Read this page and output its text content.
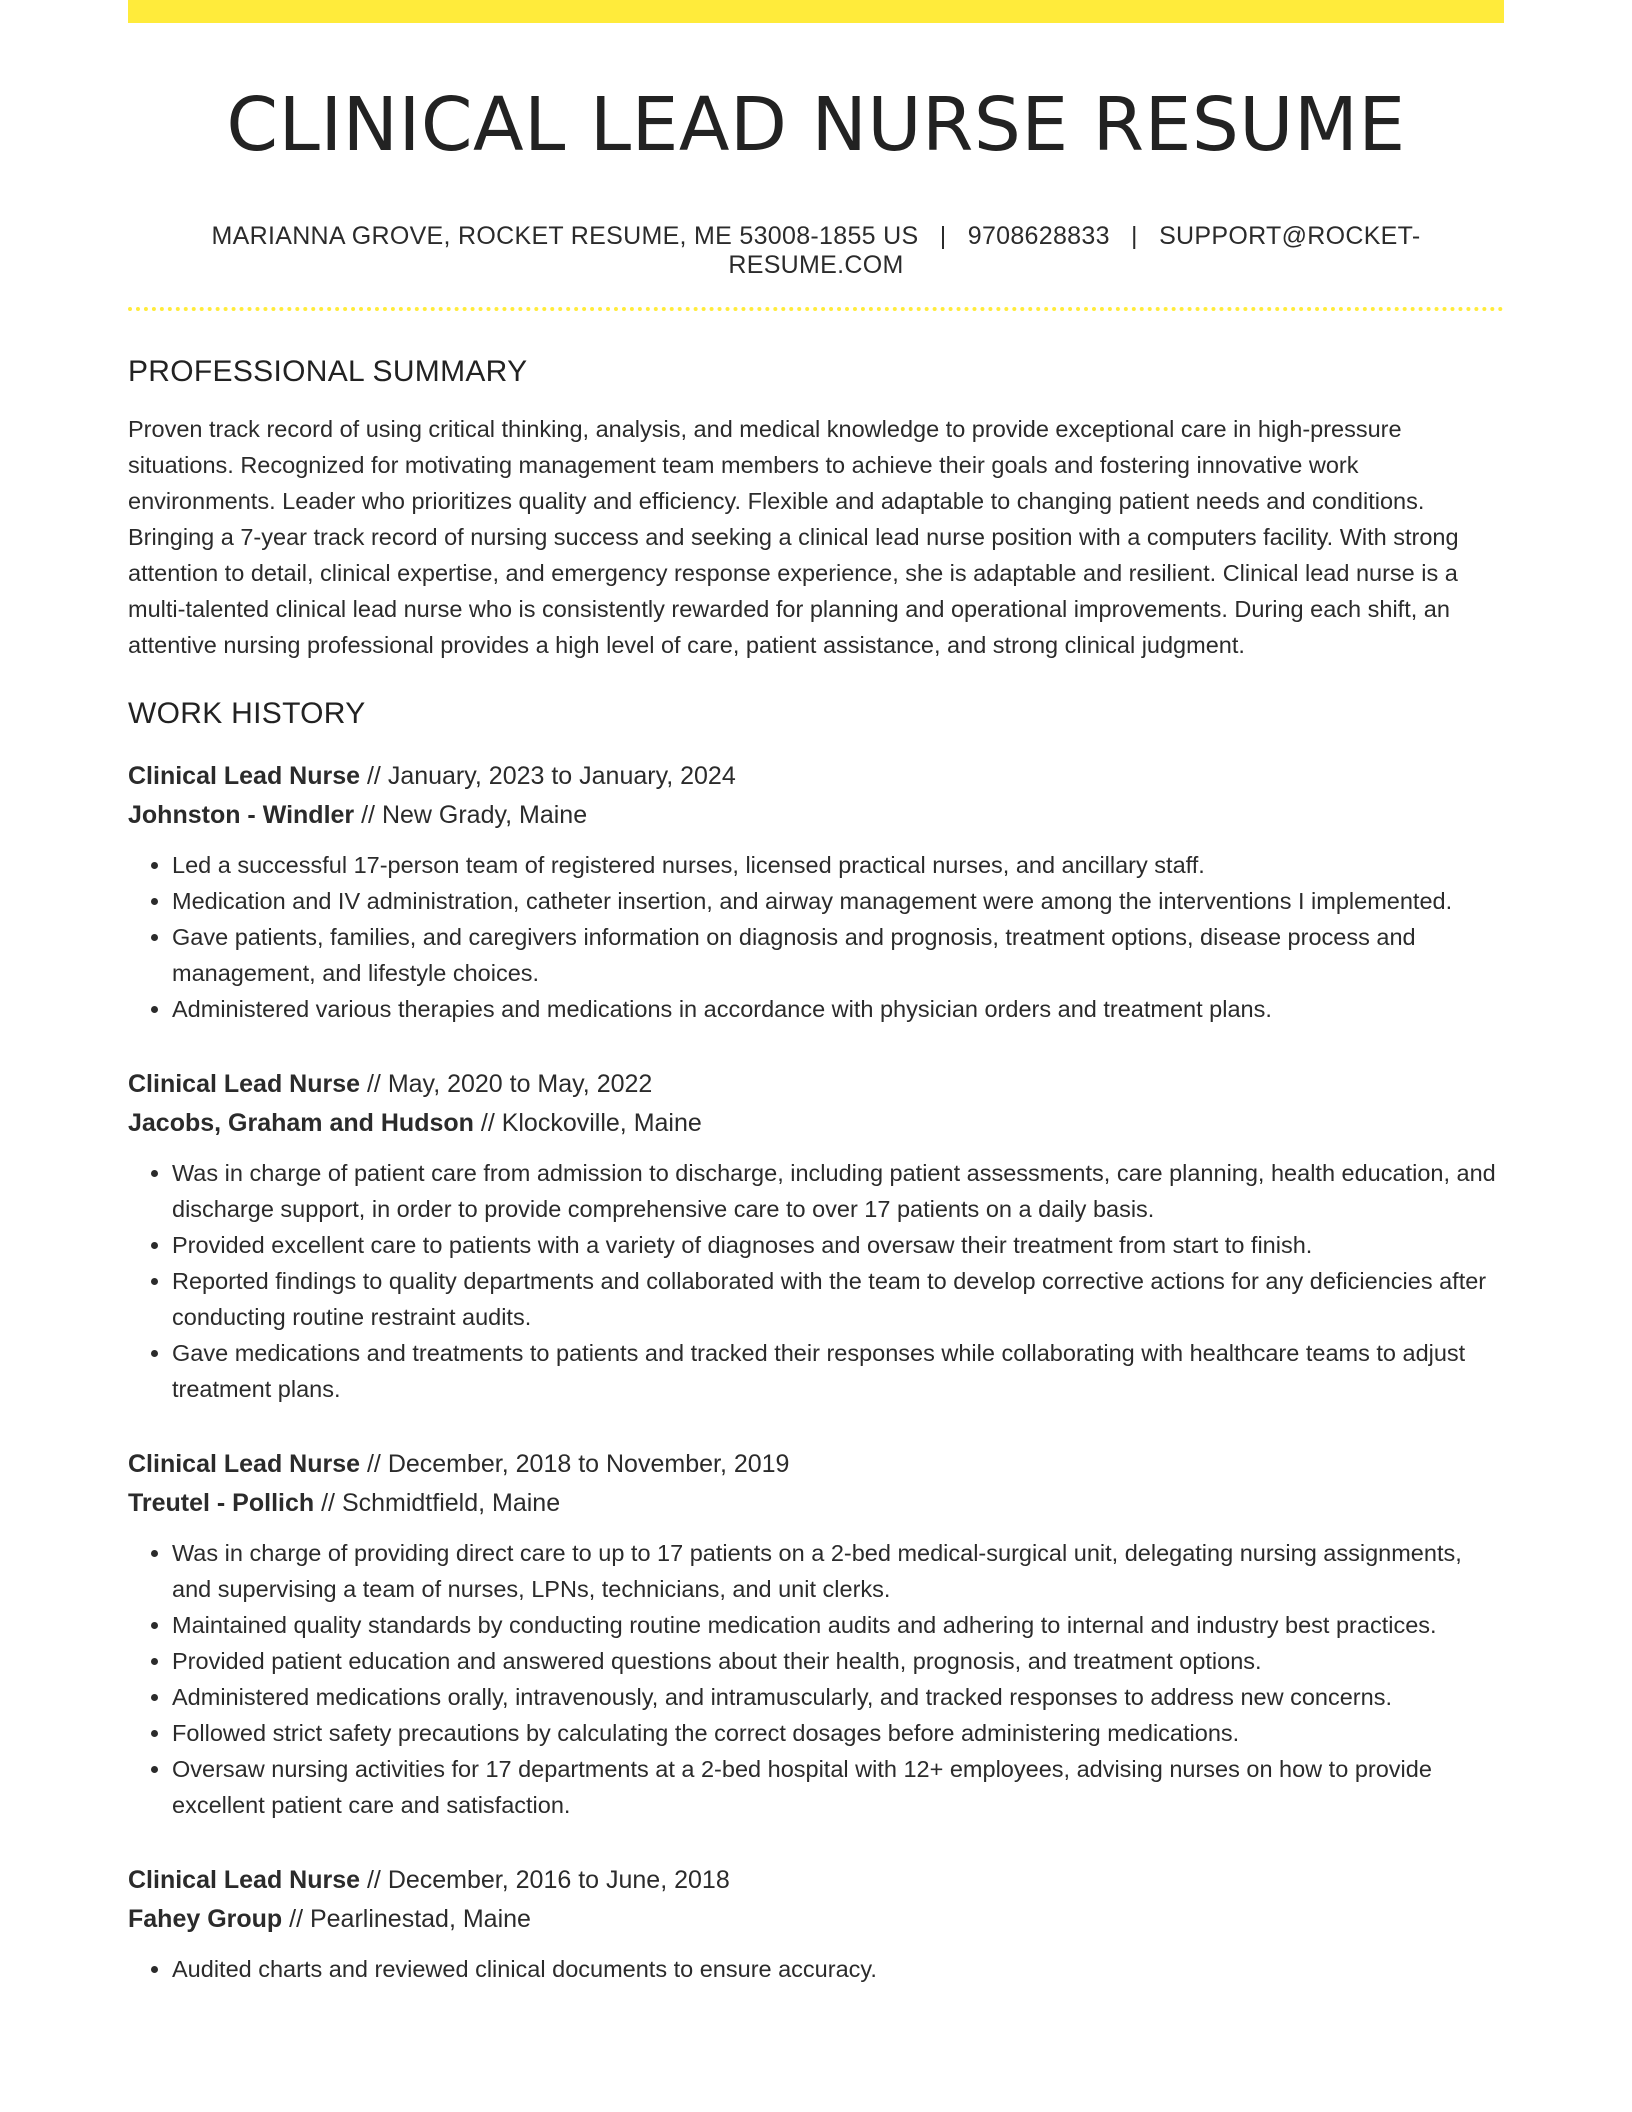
CLINICAL LEAD NURSE RESUME
MARIANNA GROVE, ROCKET RESUME, ME 53008-1855 US | 9708628833 | SUPPORT@ROCKET-RESUME.COM
PROFESSIONAL SUMMARY
Proven track record of using critical thinking, analysis, and medical knowledge to provide exceptional care in high-pressure situations. Recognized for motivating management team members to achieve their goals and fostering innovative work environments. Leader who prioritizes quality and efficiency. Flexible and adaptable to changing patient needs and conditions. Bringing a 7-year track record of nursing success and seeking a clinical lead nurse position with a computers facility. With strong attention to detail, clinical expertise, and emergency response experience, she is adaptable and resilient. Clinical lead nurse is a multi-talented clinical lead nurse who is consistently rewarded for planning and operational improvements. During each shift, an attentive nursing professional provides a high level of care, patient assistance, and strong clinical judgment.
WORK HISTORY
Clinical Lead Nurse // January, 2023 to January, 2024
Johnston - Windler // New Grady, Maine
• Led a successful 17-person team of registered nurses, licensed practical nurses, and ancillary staff.
• Medication and IV administration, catheter insertion, and airway management were among the interventions I implemented.
• Gave patients, families, and caregivers information on diagnosis and prognosis, treatment options, disease process and management, and lifestyle choices.
• Administered various therapies and medications in accordance with physician orders and treatment plans.
Clinical Lead Nurse // May, 2020 to May, 2022
Jacobs, Graham and Hudson // Klockoville, Maine
• Was in charge of patient care from admission to discharge, including patient assessments, care planning, health education, and discharge support, in order to provide comprehensive care to over 17 patients on a daily basis.
• Provided excellent care to patients with a variety of diagnoses and oversaw their treatment from start to finish.
• Reported findings to quality departments and collaborated with the team to develop corrective actions for any deficiencies after conducting routine restraint audits.
• Gave medications and treatments to patients and tracked their responses while collaborating with healthcare teams to adjust treatment plans.
Clinical Lead Nurse // December, 2018 to November, 2019
Treutel - Pollich // Schmidtfield, Maine
• Was in charge of providing direct care to up to 17 patients on a 2-bed medical-surgical unit, delegating nursing assignments, and supervising a team of nurses, LPNs, technicians, and unit clerks.
• Maintained quality standards by conducting routine medication audits and adhering to internal and industry best practices.
• Provided patient education and answered questions about their health, prognosis, and treatment options.
• Administered medications orally, intravenously, and intramuscularly, and tracked responses to address new concerns.
• Followed strict safety precautions by calculating the correct dosages before administering medications.
• Oversaw nursing activities for 17 departments at a 2-bed hospital with 12+ employees, advising nurses on how to provide excellent patient care and satisfaction.
Clinical Lead Nurse // December, 2016 to June, 2018
Fahey Group // Pearlinestad, Maine
• Audited charts and reviewed clinical documents to ensure accuracy.
